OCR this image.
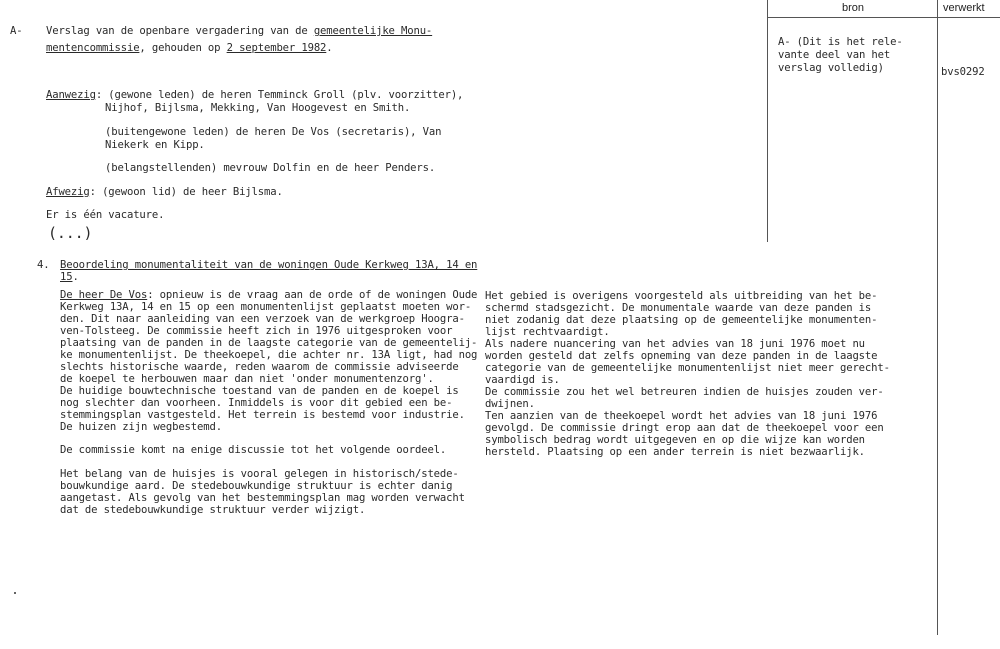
bron	verwerkt
A- (Dit is het rele-
vante deel van het
verslag volledig)	bvs0292
A- Verslag van de openbare vergadering van de gemeentelijke Monu-
mentencommissie, gehouden op 2 september 1982.
Aanwezig: (gewone leden) de heren Temminck Groll (plv. voorzitter),
Nijhof, Bijlsma, Mekking, Van Hoogevest en Smith.
(buitengewone leden) de heren De Vos (secretaris), Van
Niekerk en Kipp.
(belangstellenden) mevrouw Dolfin en de heer Penders.
Afwezig: (gewoon lid) de heer Bijlsma.
Er is één vacature.
(...)
4. Beoordeling monumentaliteit van de woningen Oude Kerkweg 13A, 14 en
15.
De heer De Vos: opnieuw is de vraag aan de orde of de woningen Oude
Kerkweg 13A, 14 en 15 op een monumentenlijst geplaatst moeten wor-
den. Dit naar aanleiding van een verzoek van de werkgroep Hoogra-
ven-Tolsteeg. De commissie heeft zich in 1976 uitgesproken voor
plaatsing van de panden in de laagste categorie van de gemeentelij-
ke monumentenlijst. De theekoepel, die achter nr. 13A ligt, had nog
slechts historische waarde, reden waarom de commissie adviseerde
de koepel te herbouwen maar dan niet 'onder monumentenzorg'.
De huidige bouwtechnische toestand van de panden en de koepel is
nog slechter dan voorheen. Inmiddels is voor dit gebied een be-
stemmingsplan vastgesteld. Het terrein is bestemd voor industrie.
De huizen zijn wegbestemd.
De commissie komt na enige discussie tot het volgende oordeel.
Het belang van de huisjes is vooral gelegen in historisch/stede-
bouwkundige aard. De stedebouwkundige struktuur is echter danig
aangetast. Als gevolg van het bestemmingsplan mag worden verwacht
dat de stedebouwkundige struktuur verder wijzigt.
Het gebied is overigens voorgesteld als uitbreiding van het be-
schermd stadsgezicht. De monumentale waarde van deze panden is
niet zodanig dat deze plaatsing op de gemeentelijke monumenten-
lijst rechtvaardigt.
Als nadere nuancering van het advies van 18 juni 1976 moet nu
worden gesteld dat zelfs opneming van deze panden in de laagste
categorie van de gemeentelijke monumentenlijst niet meer gerecht-
vaardigd is.
De commissie zou het wel betreuren indien de huisjes zouden ver-
dwijnen.
Ten aanzien van de theekoepel wordt het advies van 18 juni 1976
gevolgd. De commissie dringt erop aan dat de theekoepel voor een
symbolisch bedrag wordt uitgegeven en op die wijze kan worden
hersteld. Plaatsing op een ander terrein is niet bezwaarlijk.
